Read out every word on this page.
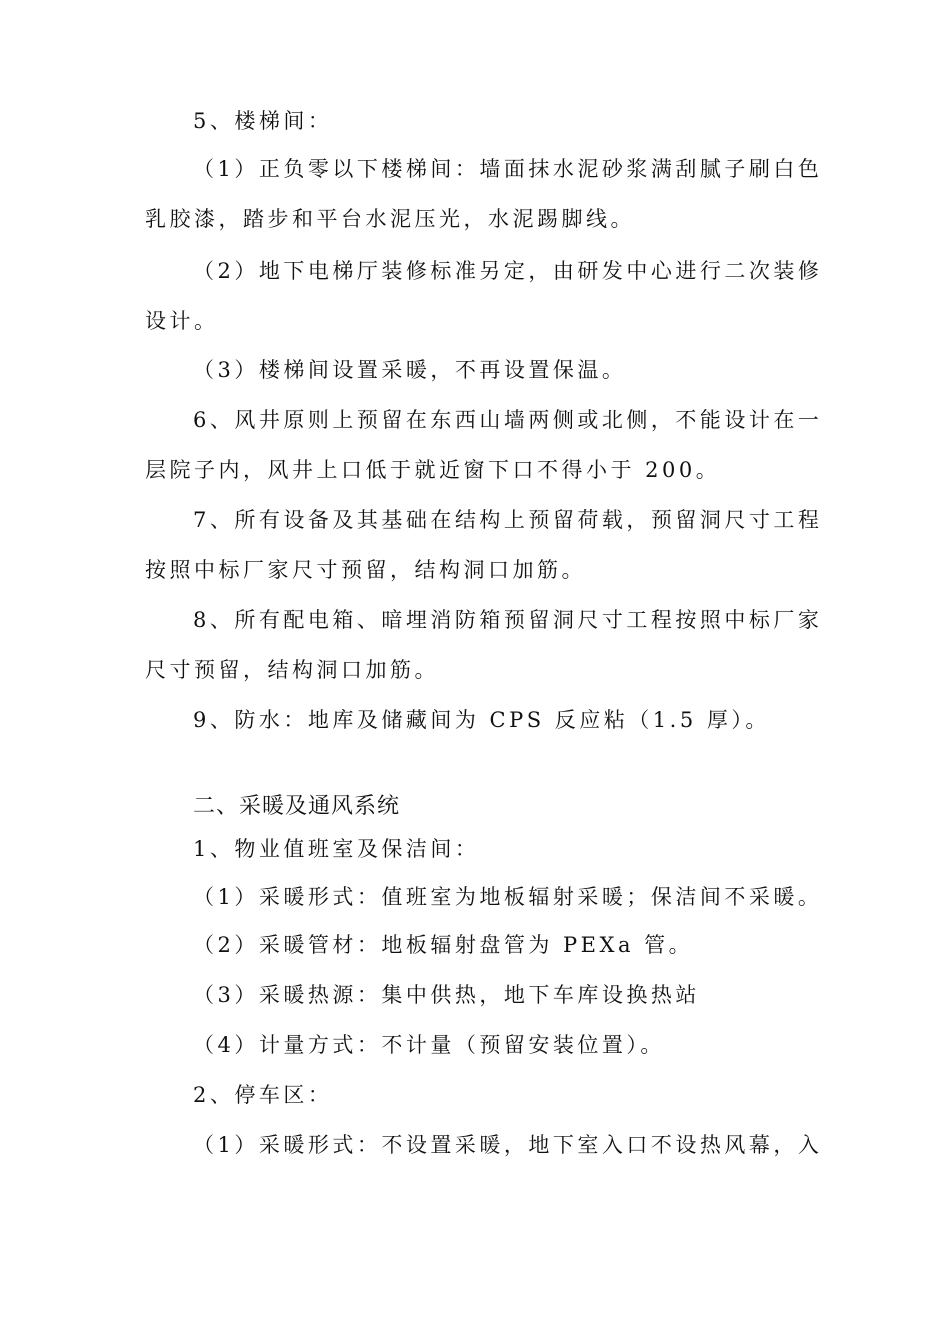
5、楼梯间：
（1）正负零以下楼梯间：墙面抹水泥砂浆满刮腻子刷白色
乳胶漆，踏步和平台水泥压光，水泥踢脚线。
（2）地下电梯厅装修标准另定，由研发中心进行二次装修
设计。
（3）楼梯间设置采暖，不再设置保温。
6、风井原则上预留在东西山墙两侧或北侧，不能设计在一
层院子内，风井上口低于就近窗下口不得小于 200。
7、所有设备及其基础在结构上预留荷载，预留洞尺寸工程
按照中标厂家尺寸预留，结构洞口加筋。
8、所有配电箱、暗埋消防箱预留洞尺寸工程按照中标厂家
尺寸预留，结构洞口加筋。
9、防水：地库及储藏间为 CPS 反应粘（1.5 厚）。
二、采暖及通风系统
1、物业值班室及保洁间：
（1）采暖形式：值班室为地板辐射采暖；保洁间不采暖。
（2）采暖管材：地板辐射盘管为 PEXa 管。
（3）采暖热源：集中供热，地下车库设换热站
（4）计量方式：不计量（预留安装位置）。
2、停车区：
（1）采暖形式：不设置采暖，地下室入口不设热风幕，入
